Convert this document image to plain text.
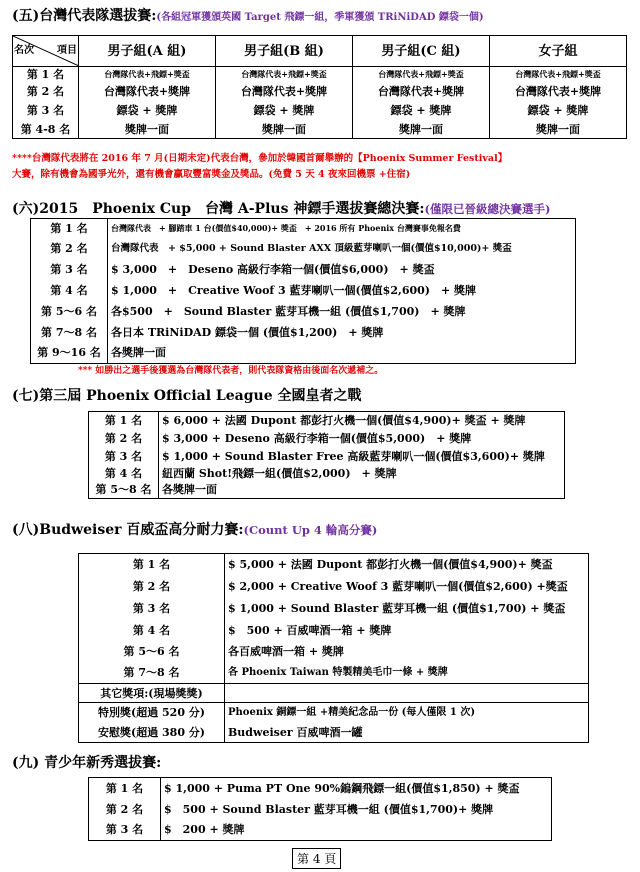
(五)台灣代表隊選拔賽:(各組冠軍獲頒英國 Target 飛鏢一組，季軍獲頒 TRiNiDAD 鏢袋一個)
名次 項目	男子組(A 組)	男子組(B 組)	男子組(C 組)	女子組
第 1 名	台灣隊代表+飛鏢+獎盃	台灣隊代表+飛鏢+獎盃	台灣隊代表+飛鏢+獎盃	台灣隊代表+飛鏢+獎盃
第 2 名	台灣隊代表+獎牌	台灣隊代表+獎牌	台灣隊代表+獎牌	台灣隊代表+獎牌
第 3 名	鏢袋 + 獎牌	鏢袋 + 獎牌	鏢袋 + 獎牌	鏢袋 + 獎牌
第 4-8 名	獎牌一面	獎牌一面	獎牌一面	獎牌一面
****台灣隊代表將在 2016 年 7 月(日期未定)代表台灣，參加於韓國首爾舉辦的【Phoenix Summer Festival】
大賽，除有機會為國爭光外，還有機會贏取豐富獎金及獎品。(免費 5 天 4 夜來回機票 +住宿)
(六)2015　Phoenix Cup　台灣 A-Plus 神鏢手選拔賽總決賽:(僅限已晉級總決賽選手)
第 1 名	台灣隊代表　+ 腳踏車 1 台(價值$40,000)+ 獎盃　+ 2016 所有 Phoenix 台灣賽事免報名費
第 2 名	台灣隊代表　+ $5,000 + Sound Blaster AXX 頂級藍芽喇叭一個(價值$10,000)+ 獎盃
第 3 名	$ 3,000　+　Deseno 高級行李箱一個(價值$6,000)　+ 獎盃
第 4 名	$ 1,000　+　Creative Woof 3 藍芽喇叭一個(價值$2,600)　+ 獎牌
第 5～6 名	各$500　+　Sound Blaster 藍芽耳機一組 (價值$1,700)　+ 獎牌
第 7～8 名	各日本 TRiNiDAD 鏢袋一個 (價值$1,200)　+ 獎牌
第 9～16 名	各獎牌一面
*** 如勝出之選手後獲選為台灣隊代表者，則代表隊資格由後面名次遞補之。
(七)第三屆 Phoenix Official League 全國皇者之戰
第 1 名	$ 6,000 + 法國 Dupont 都彭打火機一個(價值$4,900)+ 獎盃 + 獎牌
第 2 名	$ 3,000 + Deseno 高級行李箱一個(價值$5,000)　+ 獎牌
第 3 名	$ 1,000 + Sound Blaster Free 高級藍芽喇叭一個(價值$3,600)+ 獎牌
第 4 名	紐西蘭 Shot!飛鏢一組(價值$2,000)　+ 獎牌
第 5～8 名	各獎牌一面
(八)Budweiser 百威盃高分耐力賽:(Count Up 4 輪高分賽)
第 1 名	$ 5,000 + 法國 Dupont 都彭打火機一個(價值$4,900)+ 獎盃
第 2 名	$ 2,000 + Creative Woof 3 藍芽喇叭一個(價值$2,600) +獎盃
第 3 名	$ 1,000 + Sound Blaster 藍芽耳機一組 (價值$1,700) + 獎盃
第 4 名	$　500 + 百威啤酒一箱 + 獎牌
第 5～6 名	各百威啤酒一箱 + 獎牌
第 7～8 名	各 Phoenix Taiwan 特製精美毛巾一條 + 獎牌
其它獎項:(現場獎獎)	
特別獎(超過 520 分)	Phoenix 銅鏢一組 +精美紀念品一份 (每人僅限 1 次)
安慰獎(超過 380 分)	Budweiser 百威啤酒一罐
(九) 青少年新秀選拔賽:
第 1 名	$ 1,000 + Puma PT One 90%鎢鋼飛鏢一組(價值$1,850) + 獎盃
第 2 名	$　500 + Sound Blaster 藍芽耳機一組 (價值$1,700)+ 獎牌
第 3 名	$　200 + 獎牌
第 4 頁
